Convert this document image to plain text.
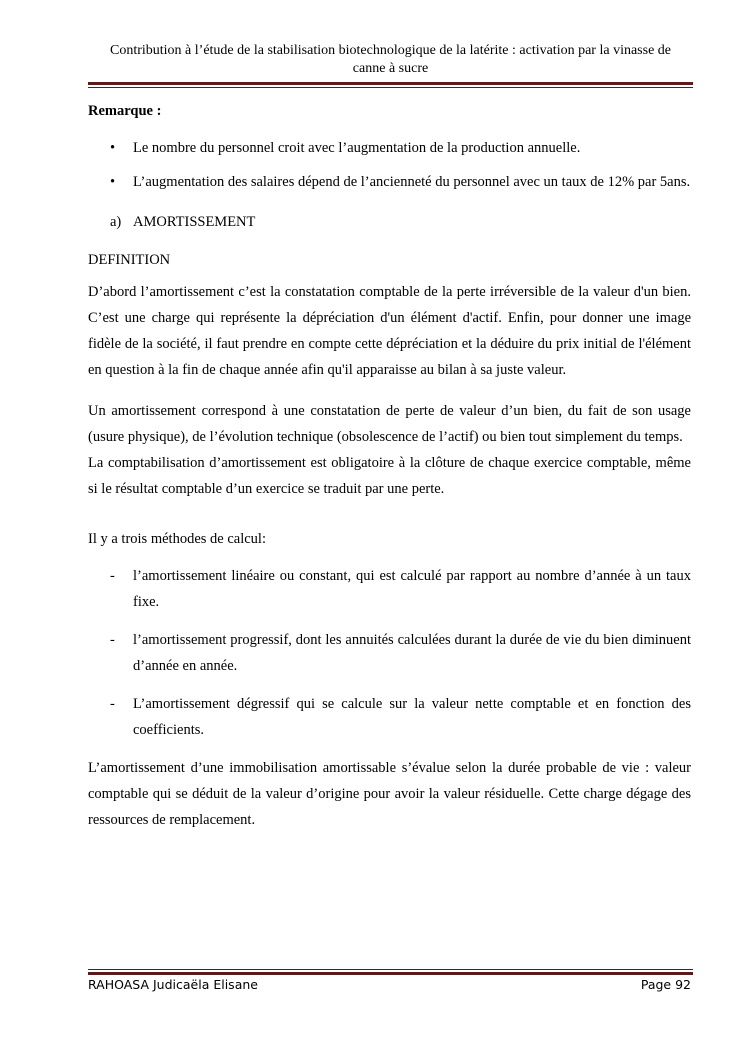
Contribution à l’étude de la stabilisation biotechnologique de la latérite : activation par la vinasse de
canne à sucre
Remarque :
• Le nombre du personnel croit avec l’augmentation de la production annuelle.
• L’augmentation des salaires dépend de l’ancienneté du personnel avec un taux de 12% par 5ans.
a) AMORTISSEMENT
DEFINITION
D’abord l’amortissement c’est la constatation comptable de la perte irréversible de la valeur d'un bien. C’est une charge qui représente la dépréciation d'un élément d'actif. Enfin, pour donner une image fidèle de la société, il faut prendre en compte cette dépréciation et la déduire du prix initial de l'élément en question à la fin de chaque année afin qu'il apparaisse au bilan à sa juste valeur.
Un amortissement correspond à une constatation de perte de valeur d’un bien, du fait de son usage (usure physique), de l’évolution technique (obsolescence de l’actif) ou bien tout simplement du temps.
La comptabilisation d’amortissement est obligatoire à la clôture de chaque exercice comptable, même si le résultat comptable d’un exercice se traduit par une perte.
Il y a trois méthodes de calcul:
- l’amortissement linéaire ou constant, qui est calculé par rapport au nombre d’année à un taux fixe.
- l’amortissement progressif, dont les annuités calculées durant la durée de vie du bien diminuent d’année en année.
- L’amortissement dégressif qui se calcule sur la valeur nette comptable et en fonction des coefficients.
L’amortissement d’une immobilisation amortissable s’évalue selon la durée probable de vie : valeur comptable qui se déduit de la valeur d’origine pour avoir la valeur résiduelle. Cette charge dégage des ressources de remplacement.
RAHOASA Judicaëla Elisane	Page 92
